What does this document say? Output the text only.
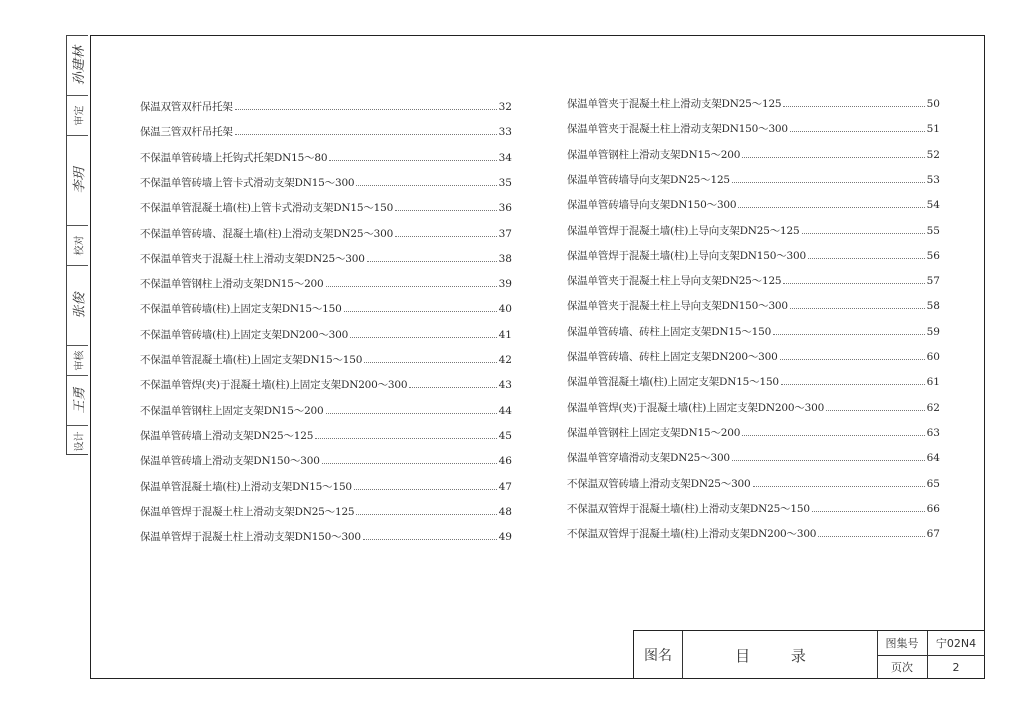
孙建林
审定
李玥
校对
张俊
审核
王勇
设计
保温双管双杆吊托架	32
保温三管双杆吊托架	33
不保温单管砖墙上托钩式托架DN15～80	34
不保温单管砖墙上管卡式滑动支架DN15～300	35
不保温单管混凝土墙(柱)上管卡式滑动支架DN15～150	36
不保温单管砖墙、混凝土墙(柱)上滑动支架DN25～300	37
不保温单管夹于混凝土柱上滑动支架DN25～300	38
不保温单管钢柱上滑动支架DN15～200	39
不保温单管砖墙(柱)上固定支架DN15～150	40
不保温单管砖墙(柱)上固定支架DN200～300	41
不保温单管混凝土墙(柱)上固定支架DN15～150	42
不保温单管焊(夹)于混凝土墙(柱)上固定支架DN200～300	43
不保温单管钢柱上固定支架DN15～200	44
保温单管砖墙上滑动支架DN25～125	45
保温单管砖墙上滑动支架DN150～300	46
保温单管混凝土墙(柱)上滑动支架DN15～150	47
保温单管焊于混凝土柱上滑动支架DN25～125	48
保温单管焊于混凝土柱上滑动支架DN150～300	49
保温单管夹于混凝土柱上滑动支架DN25～125	50
保温单管夹于混凝土柱上滑动支架DN150～300	51
保温单管钢柱上滑动支架DN15～200	52
保温单管砖墙导向支架DN25～125	53
保温单管砖墙导向支架DN150～300	54
保温单管焊于混凝土墙(柱)上导向支架DN25～125	55
保温单管焊于混凝土墙(柱)上导向支架DN150～300	56
保温单管夹于混凝土柱上导向支架DN25～125	57
保温单管夹于混凝土柱上导向支架DN150～300	58
保温单管砖墙、砖柱上固定支架DN15～150	59
保温单管砖墙、砖柱上固定支架DN200～300	60
保温单管混凝土墙(柱)上固定支架DN15～150	61
保温单管焊(夹)于混凝土墙(柱)上固定支架DN200～300	62
保温单管钢柱上固定支架DN15～200	63
保温单管穿墙滑动支架DN25～300	64
不保温双管砖墙上滑动支架DN25～300	65
不保温双管焊于混凝土墙(柱)上滑动支架DN25～150	66
不保温双管焊于混凝土墙(柱)上滑动支架DN200～300	67
图名	目 录
图集号	宁02N4
页次	2
